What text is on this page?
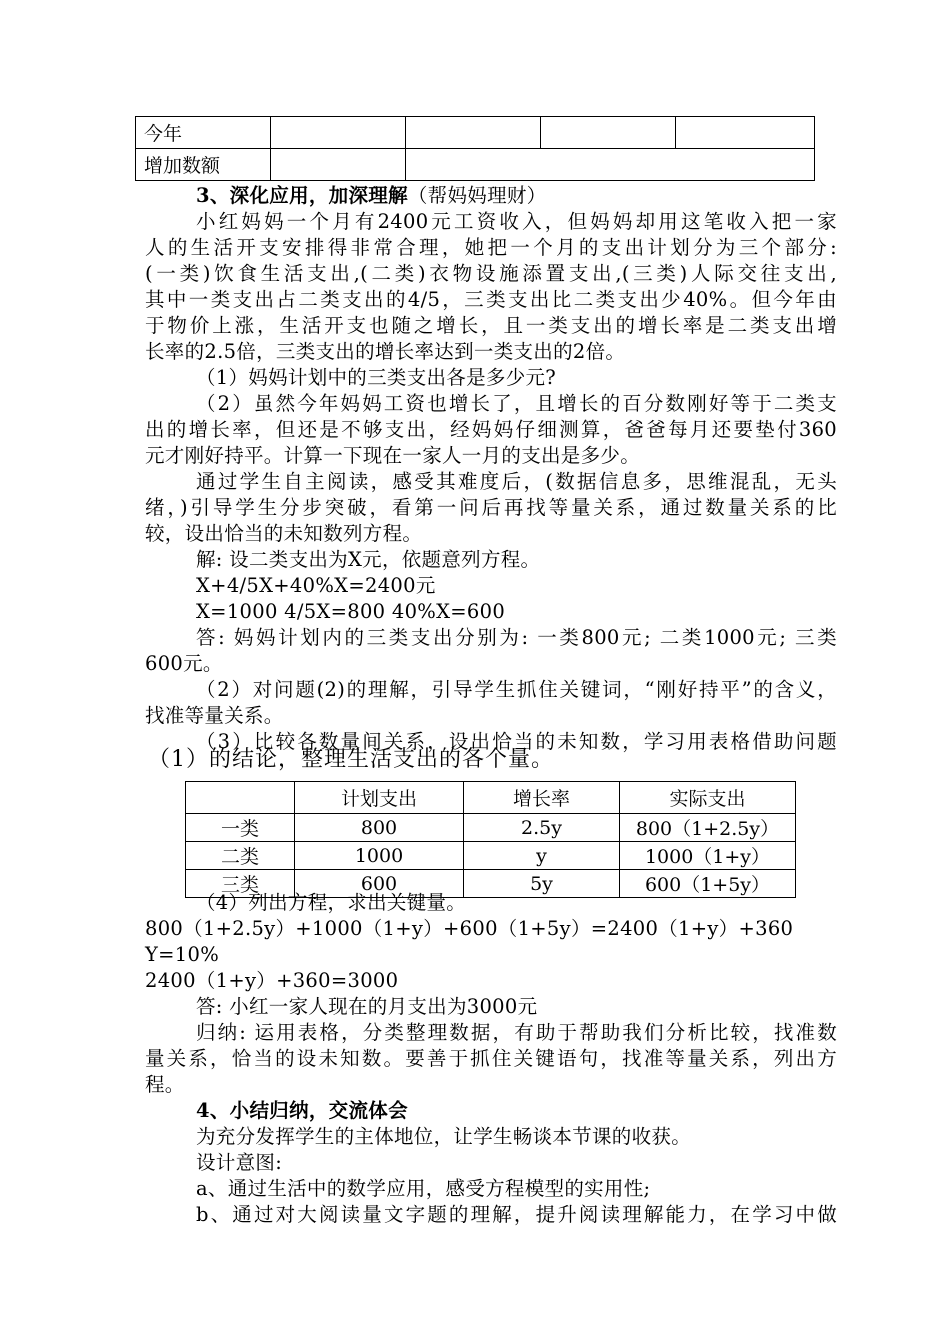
今年				
增加数额				
3、深化应用，加深理解（帮妈妈理财）
小红妈妈一个月有2400元工资收入，但妈妈却用这笔收入把一家
人的生活开支安排得非常合理，她把一个月的支出计划分为三个部分:
(一类)饮食生活支出,(二类)衣物设施添置支出,(三类)人际交往支出,
其中一类支出占二类支出的4/5，三类支出比二类支出少40%。但今年由
于物价上涨，生活开支也随之增长，且一类支出的增长率是二类支出增
长率的2.5倍，三类支出的增长率达到一类支出的2倍。
（1）妈妈计划中的三类支出各是多少元?
（2）虽然今年妈妈工资也增长了，且增长的百分数刚好等于二类支
出的增长率，但还是不够支出，经妈妈仔细测算，爸爸每月还要垫付360
元才刚好持平。计算一下现在一家人一月的支出是多少。
通过学生自主阅读，感受其难度后，(数据信息多，思维混乱，无头
绪，)引导学生分步突破，看第一问后再找等量关系，通过数量关系的比
较，设出恰当的未知数列方程。
解: 设二类支出为X元，依题意列方程。
X+4/5X+40%X=2400元
X=1000 4/5X=800 40%X=600
答: 妈妈计划内的三类支出分别为: 一类800元; 二类1000元; 三类
600元。
（2）对问题(2)的理解，引导学生抓住关键词，“刚好持平”的含义，
找准等量关系。
（3）比较各数量间关系，设出恰当的未知数，学习用表格借助问题
（1）的结论，整理生活支出的各个量。
	计划支出	增长率	实际支出
一类	800	2.5y	800（1+2.5y）
二类	1000	y	1000（1+y）
三类	600	5y	600（1+5y）
（4）列出方程，求出关键量。
800（1+2.5y）+1000（1+y）+600（1+5y）=2400（1+y）+360
Y=10%
2400（1+y）+360=3000
答: 小红一家人现在的月支出为3000元
归纳: 运用表格，分类整理数据，有助于帮助我们分析比较，找准数
量关系，恰当的设未知数。要善于抓住关键语句，找准等量关系，列出方
程。
4、小结归纳，交流体会
为充分发挥学生的主体地位，让学生畅谈本节课的收获。
设计意图:
a、通过生活中的数学应用，感受方程模型的实用性;
b、通过对大阅读量文字题的理解，提升阅读理解能力，在学习中做
